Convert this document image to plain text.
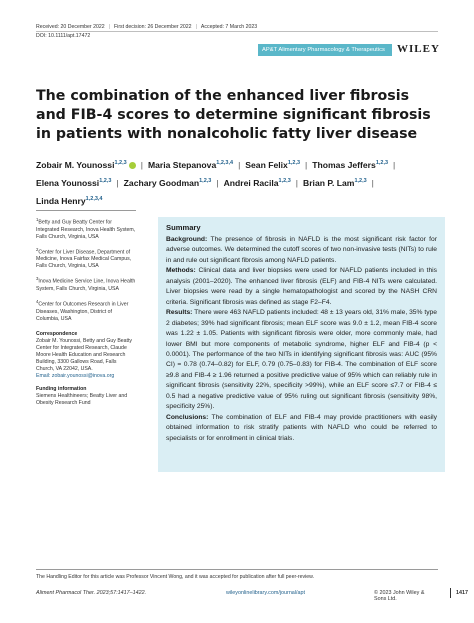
Received: 20 December 2022 | First decision: 26 December 2022 | Accepted: 7 March 2023
DOI: 10.1111/apt.17472
AP&T Alimentary Pharmacology & Therapeutics	WILEY
The combination of the enhanced liver fibrosis and FIB-4 scores to determine significant fibrosis in patients with nonalcoholic fatty liver disease
Zobair M. Younossi$^{1,2,3}$ | Maria Stepanova$^{1,2,3,4}$ | Sean Felix$^{1,2,3}$ | Thomas Jeffers$^{1,2,3}$ |
Elena Younossi$^{1,2,3}$ | Zachary Goodman$^{1,2,3}$ | Andrei Racila$^{1,2,3}$ | Brian P. Lam$^{1,2,3}$ |
Linda Henry$^{1,2,3,4}$

$^1$Betty and Guy Beatty Center for Integrated Research, Inova Health System, Falls Church, Virginia, USA

$^2$Center for Liver Disease, Department of Medicine, Inova Fairfax Medical Campus, Falls Church, Virginia, USA

$^3$Inova Medicine Service Line, Inova Health System, Falls Church, Virginia, USA

$^4$Center for Outcomes Research in Liver Diseases, Washington, District of Columbia, USA

Correspondence

Zobair M. Younossi, Betty and Guy Beatty Center for Integrated Research, Claude Moore Health Education and Research Building, 3300 Gallows Road, Falls Church, VA 22042, USA.

Email: zobair.younossi@inova.org

Funding information

Siemens Healthineers; Beatty Liver and Obesity Research Fund

Summary

Background: The presence of fibrosis in NAFLD is the most significant risk factor for adverse outcomes. We determined the cutoff scores of two non-invasive tests (NITs) to rule in and rule out significant fibrosis among NAFLD patients.

Methods: Clinical data and liver biopsies were used for NAFLD patients included in this analysis (2001–2020). The enhanced liver fibrosis (ELF) and FIB-4 NITs were calculated. Liver biopsies were read by a single hematopathologist and scored by the NASH CRN criteria. Significant fibrosis was defined as stage F2–F4.

Results: There were 463 NAFLD patients included: 48 ± 13 years old, 31% male, 35% type 2 diabetes; 39% had significant fibrosis; mean ELF score was 9.0 ± 1.2, mean FIB-4 score was 1.22 ± 1.05. Patients with significant fibrosis were older, more commonly male, had lower BMI but more components of metabolic syndrome, higher ELF and FIB-4 (p < 0.0001). The performance of the two NITs in identifying significant fibrosis was: AUC (95% CI) = 0.78 (0.74–0.82) for ELF, 0.79 (0.75–0.83) for FIB-4. The combination of ELF score ≥9.8 and FIB-4 ≥ 1.96 returned a positive predictive value of 95% which can reliably rule in significant fibrosis (sensitivity 22%, specificity >99%), while an ELF score ≤7.7 or FIB-4 ≤ 0.5 had a negative predictive value of 95% ruling out significant fibrosis (sensitivity 98%, specificity 25%).

Conclusions: The combination of ELF and FIB-4 may provide practitioners with easily obtained information to risk stratify patients with NAFLD who could be referred to specialists or for enrollment in clinical trials.

The Handling Editor for this article was Professor Vincent Wong, and it was accepted for publication after full peer-review.
Aliment Pharmacol Ther. 2023;57:1417–1422.	wileyonlinelibrary.com/journal/apt	© 2023 John Wiley & Sons Ltd.
1417
